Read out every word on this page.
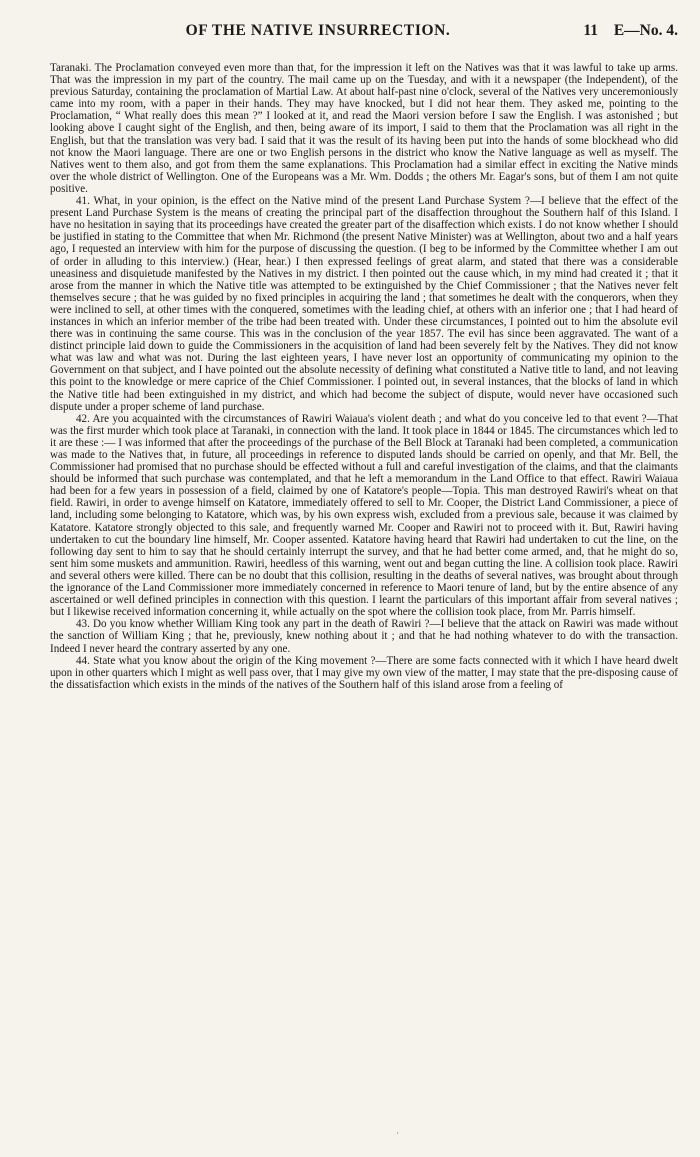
OF THE NATIVE INSURRECTION.	11 E—No. 4.

Taranaki. The Proclamation conveyed even more than that, for the impression it left on the Natives was that it was lawful to take up arms. That was the impression in my part of the country. The mail came up on the Tuesday, and with it a newspaper (the Independent), of the previous Saturday, containing the proclamation of Martial Law. At about half-past nine o'clock, several of the Natives very unceremoniously came into my room, with a paper in their hands. They may have knocked, but I did not hear them. They asked me, pointing to the Proclamation, “ What really does this mean ?” I looked at it, and read the Maori version before I saw the English. I was astonished ; but looking above I caught sight of the English, and then, being aware of its import, I said to them that the Proclamation was all right in the English, but that the translation was very bad. I said that it was the result of its having been put into the hands of some blockhead who did not know the Maori language. There are one or two English persons in the district who know the Native language as well as myself. The Natives went to them also, and got from them the same explanations. This Proclamation had a similar effect in exciting the Native minds over the whole district of Wellington. One of the Europeans was a Mr. Wm. Dodds ; the others Mr. Eagar's sons, but of them I am not quite positive.

41. What, in your opinion, is the effect on the Native mind of the present Land Purchase System ?—I believe that the effect of the present Land Purchase System is the means of creating the principal part of the disaffection throughout the Southern half of this Island. I have no hesitation in saying that its proceedings have created the greater part of the disaffection which exists. I do not know whether I should be justified in stating to the Committee that when Mr. Richmond (the present Native Minister) was at Wellington, about two and a half years ago, I requested an interview with him for the purpose of discussing the question. (I beg to be informed by the Committee whether I am out of order in alluding to this interview.) (Hear, hear.) I then expressed feelings of great alarm, and stated that there was a considerable uneasiness and disquietude manifested by the Natives in my district. I then pointed out the cause which, in my mind had created it ; that it arose from the manner in which the Native title was attempted to be extinguished by the Chief Commissioner ; that the Natives never felt themselves secure ; that he was guided by no fixed principles in acquiring the land ; that sometimes he dealt with the conquerors, when they were inclined to sell, at other times with the conquered, sometimes with the leading chief, at others with an inferior one ; that I had heard of instances in which an inferior member of the tribe had been treated with. Under these circumstances, I pointed out to him the absolute evil there was in continuing the same course. This was in the conclusion of the year 1857. The evil has since been aggravated. The want of a distinct principle laid down to guide the Commissioners in the acquisition of land had been severely felt by the Natives. They did not know what was law and what was not. During the last eighteen years, I have never lost an opportunity of communicating my opinion to the Government on that subject, and I have pointed out the absolute necessity of defining what constituted a Native title to land, and not leaving this point to the knowledge or mere caprice of the Chief Commissioner. I pointed out, in several instances, that the blocks of land in which the Native title had been extinguished in my district, and which had become the subject of dispute, would never have occasioned such dispute under a proper scheme of land purchase.

42. Are you acquainted with the circumstances of Rawiri Waiaua's violent death ; and what do you conceive led to that event ?—That was the first murder which took place at Taranaki, in connection with the land. It took place in 1844 or 1845. The circumstances which led to it are these :— I was informed that after the proceedings of the purchase of the Bell Block at Taranaki had been completed, a communication was made to the Natives that, in future, all proceedings in reference to disputed lands should be carried on openly, and that Mr. Bell, the Commissioner had promised that no purchase should be effected without a full and careful investigation of the claims, and that the claimants should be informed that such purchase was contemplated, and that he left a memorandum in the Land Office to that effect. Rawiri Waiaua had been for a few years in possession of a field, claimed by one of Katatore's people—Topia. This man destroyed Rawiri's wheat on that field. Rawiri, in order to avenge himself on Katatore, immediately offered to sell to Mr. Cooper, the District Land Commissioner, a piece of land, including some belonging to Katatore, which was, by his own express wish, excluded from a previous sale, because it was claimed by Katatore. Katatore strongly objected to this sale, and frequently warned Mr. Cooper and Rawiri not to proceed with it. But, Rawiri having undertaken to cut the boundary line himself, Mr. Cooper assented. Katatore having heard that Rawiri had undertaken to cut the line, on the following day sent to him to say that he should certainly interrupt the survey, and that he had better come armed, and, that he might do so, sent him some muskets and ammunition. Rawiri, heedless of this warning, went out and began cutting the line. A collision took place. Rawiri and several others were killed. There can be no doubt that this collision, resulting in the deaths of several natives, was brought about through the ignorance of the Land Commissioner more immediately concerned in reference to Maori tenure of land, but by the entire absence of any ascertained or well defined principles in connection with this question. I learnt the particulars of this important affair from several natives ; but I likewise received information concerning it, while actually on the spot where the collision took place, from Mr. Parris himself.

43. Do you know whether William King took any part in the death of Rawiri ?—I believe that the attack on Rawiri was made without the sanction of William King ; that he, previously, knew nothing about it ; and that he had nothing whatever to do with the transaction. Indeed I never heard the contrary asserted by any one.

44. State what you know about the origin of the King movement ?—There are some facts connected with it which I have heard dwelt upon in other quarters which I might as well pass over, that I may give my own view of the matter, I may state that the pre-disposing cause of the dissatisfaction which exists in the minds of the natives of the Southern half of this island arose from a feeling of

·
